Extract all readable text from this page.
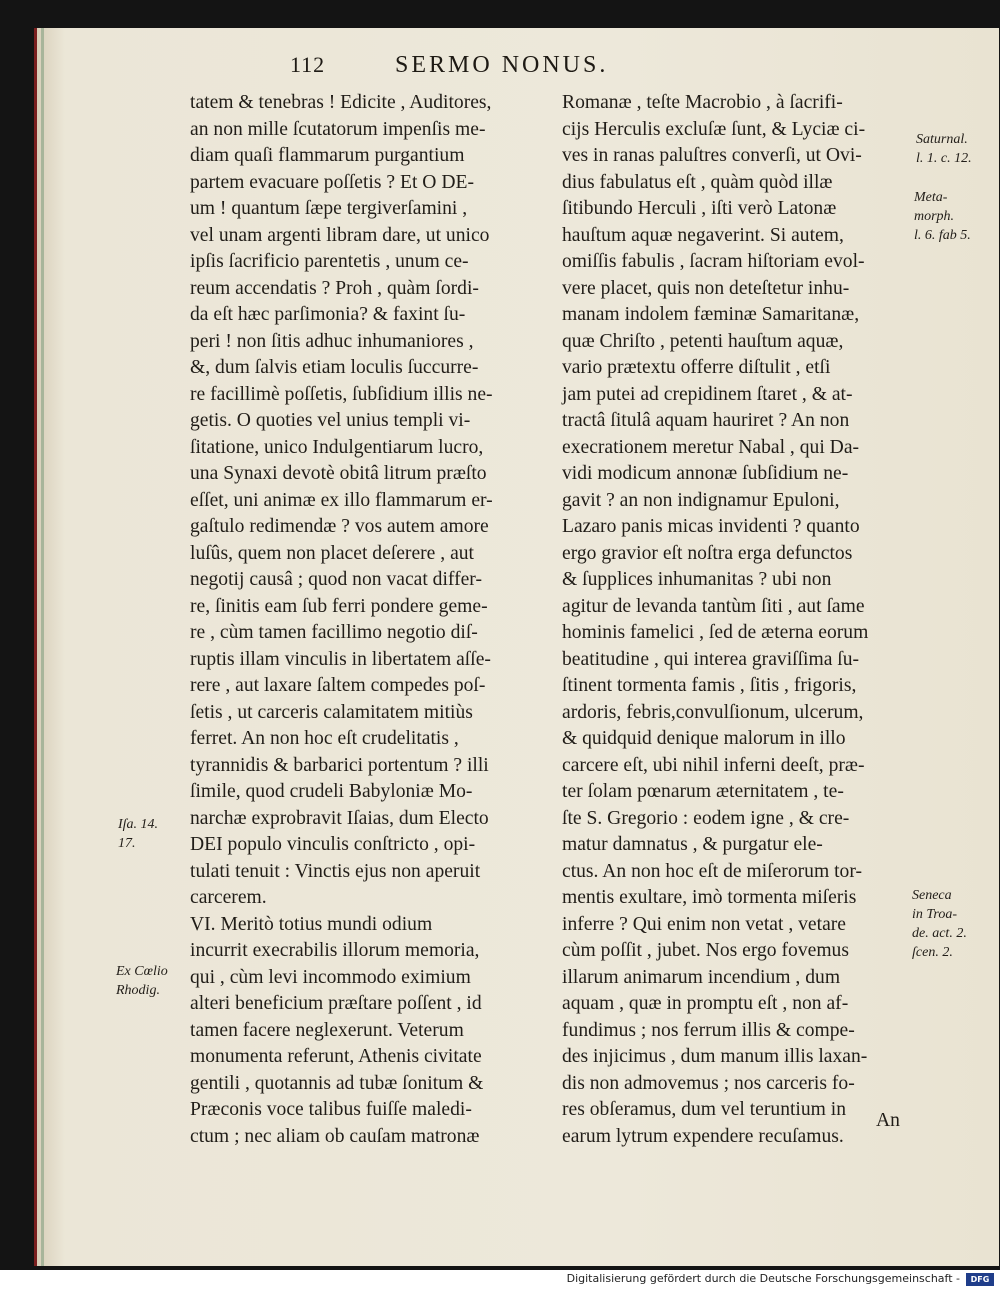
112	SERMO NONUS.
tatem & tenebras ! Edicite , Auditores,
an non mille ſcutatorum impenſis me-
diam quaſi flammarum purgantium
partem evacuare poſſetis ? Et O DE-
um ! quantum ſæpe tergiverſamini ,
vel unam argenti libram dare, ut unico
ipſis ſacrificio parentetis , unum ce-
reum accendatis ? Proh , quàm ſordi-
da eſt hæc parſimonia? & faxint ſu-
peri ! non ſitis adhuc inhumaniores ,
&, dum ſalvis etiam loculis ſuccurre-
re facillimè poſſetis, ſubſidium illis ne-
getis. O quoties vel unius templi vi-
ſitatione, unico Indulgentiarum lucro,
una Synaxi devotè obitâ litrum præſto
eſſet, uni animæ ex illo flammarum er-
gaſtulo redimendæ ? vos autem amore
luſûs, quem non placet deſerere , aut
negotij causâ ; quod non vacat differ-
re, ſinitis eam ſub ferri pondere geme-
re , cùm tamen facillimo negotio diſ-
ruptis illam vinculis in libertatem aſſe-
rere , aut laxare ſaltem compedes poſ-
ſetis , ut carceris calamitatem mitiùs
ferret. An non hoc eſt crudelitatis ,
tyrannidis & barbarici portentum ? illi
ſimile, quod crudeli Babyloniæ Mo-
narchæ exprobravit Iſaias, dum Electo
DEI populo vinculis conſtricto , opi-
tulati tenuit : Vinctis ejus non aperuit
carcerem.
VI. Meritò totius mundi odium
incurrit execrabilis illorum memoria,
qui , cùm levi incommodo eximium
alteri beneficium præſtare poſſent , id
tamen facere neglexerunt. Veterum
monumenta referunt, Athenis civitate
gentili , quotannis ad tubæ ſonitum &
Præconis voce talibus fuiſſe maledi-
ctum ; nec aliam ob cauſam matronæ
Romanæ , teſte Macrobio , à ſacrifi-
cijs Herculis excluſæ ſunt, & Lyciæ ci-
ves in ranas paluſtres converſi, ut Ovi-
dius fabulatus eſt , quàm quòd illæ
ſitibundo Herculi , iſti verò Latonæ
hauſtum aquæ negaverint. Si autem,
omiſſis fabulis , ſacram hiſtoriam evol-
vere placet, quis non deteſtetur inhu-
manam indolem fæminæ Samaritanæ,
quæ Chriſto , petenti hauſtum aquæ,
vario prætextu offerre diſtulit , etſi
jam putei ad crepidinem ſtaret , & at-
tractâ ſitulâ aquam hauriret ? An non
execrationem meretur Nabal , qui Da-
vidi modicum annonæ ſubſidium ne-
gavit ? an non indignamur Epuloni,
Lazaro panis micas invidenti ? quanto
ergo gravior eſt noſtra erga defunctos
& ſupplices inhumanitas ? ubi non
agitur de levanda tantùm ſiti , aut ſame
hominis famelici , ſed de æterna eorum
beatitudine , qui interea graviſſima ſu-
ſtinent tormenta famis , ſitis , frigoris,
ardoris, febris,convulſionum, ulcerum,
& quidquid denique malorum in illo
carcere eſt, ubi nihil inferni deeſt, præ-
ter ſolam pœnarum æternitatem , te-
ſte S. Gregorio : eodem igne , & cre-
matur damnatus , & purgatur ele-
ctus. An non hoc eſt de miſerorum tor-
mentis exultare, imò tormenta miſeris
inferre ? Qui enim non vetat , vetare
cùm poſſit , jubet. Nos ergo fovemus
illarum animarum incendium , dum
aquam , quæ in promptu eſt , non af-
fundimus ; nos ferrum illis & compe-
des injicimus , dum manum illis laxan-
dis non admovemus ; nos carceris fo-
res obſeramus, dum vel teruntium in
earum lytrum expendere recuſamus.
Iſa. 14.
17.
Ex Cœlio
Rhodig.
Saturnal.
l. 1. c. 12.
Meta-
morph.
l. 6. fab 5.
Seneca
in Troa-
de. act. 2.
ſcen. 2.
An
Digitalisierung gefördert durch die Deutsche Forschungsgemeinschaft -	DFG
